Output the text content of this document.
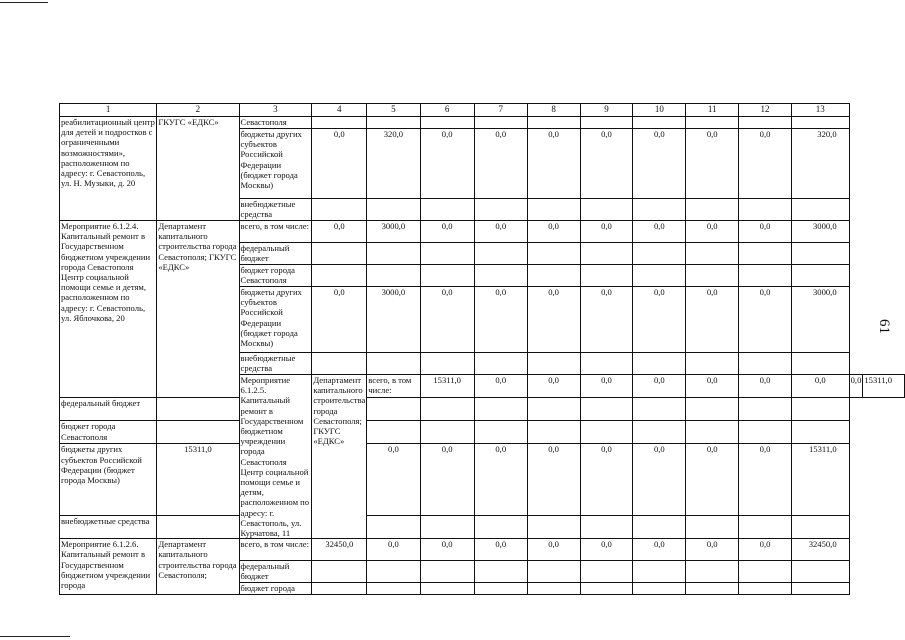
61
1	2	3	4	5	6	7	8	9	10	11	12	13		
реабилитационный центр для детей и подростков с ограниченными возможностями», расположенном по адресу: г. Севастополь, ул. Н. Музыки, д. 20	ГКУГС «ЕДКС»	Севастополя												
		бюджеты других субъектов Российской Федерации (бюджет города Москвы)	0,0	320,0	0,0	0,0	0,0	0,0	0,0	0,0	0,0	320,0		
		внебюджетные средства												
Мероприятие 6.1.2.4. Капитальный ремонт в Государственном бюджетном учреждении города Севастополя Центр социальной помощи семье и детям, расположенном по адресу: г. Севастополь, ул. Яблочкова, 20	Департамент капитального строительства города Севастополя; ГКУГС «ЕДКС»	всего, в том числе:	0,0	3000,0	0,0	0,0	0,0	0,0	0,0	0,0	0,0	3000,0		
		федеральный бюджет												
		бюджет города Севастополя												
		бюджеты других субъектов Российской Федерации (бюджет города Москвы)	0,0	3000,0	0,0	0,0	0,0	0,0	0,0	0,0	0,0	3000,0		
		внебюджетные средства												
		Мероприятие 6.1.2.5. Капитальный ремонт в Государственном бюджетном учреждении города Севастополя Центр социальной помощи семье и детям, расположенном по адресу: г. Севастополь, ул. Курчатова, 11	Департамент капитального строительства города Севастополя; ГКУГС «ЕДКС»	всего, в том числе:	15311,0	0,0	0,0	0,0	0,0	0,0	0,0	0,0	0,0	15311,0
федеральный бюджет														
бюджет города Севастополя														
бюджеты других субъектов Российской Федерации (бюджет города Москвы)	15311,0			0,0	0,0	0,0	0,0	0,0	0,0	0,0	0,0	15311,0		
внебюджетные средства														
Мероприятие 6.1.2.6. Капитальный ремонт в Государственном бюджетном учреждении города	Департамент капитального строительства города Севастополя;	всего, в том числе:	32450,0	0,0	0,0	0,0	0,0	0,0	0,0	0,0	0,0	32450,0		
		федеральный бюджет												
		бюджет города												
